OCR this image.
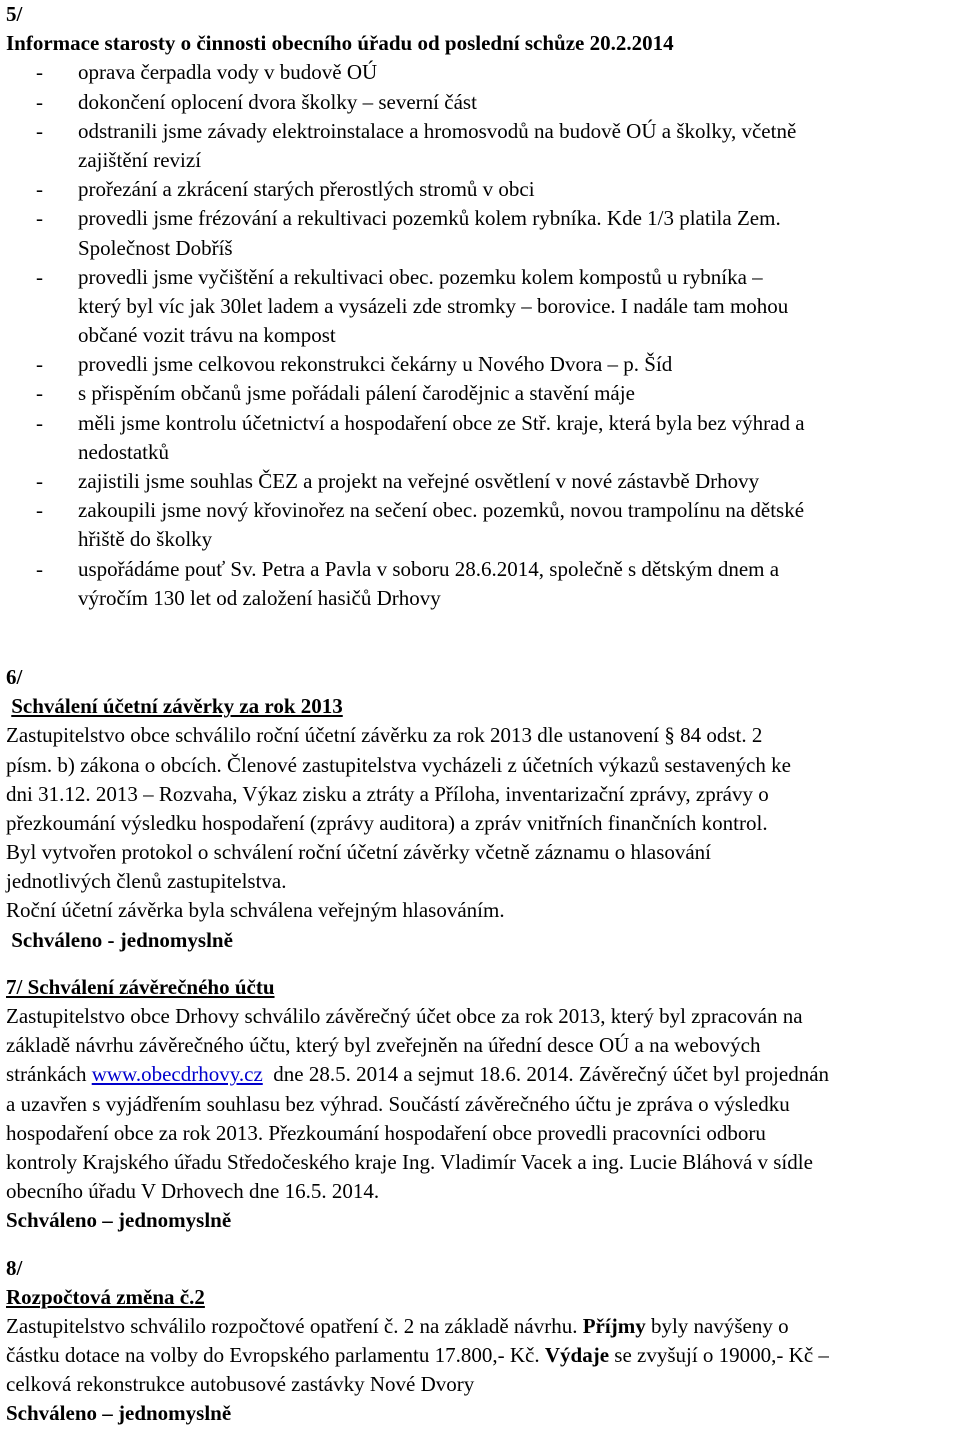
5/
Informace starosty o činnosti obecního úřadu od poslední schůze 20.2.2014
- oprava čerpadla vody v budově OÚ
- dokončení oplocení dvora školky – severní část
- odstranili jsme závady elektroinstalace a hromosvodů na budově OÚ a školky, včetně
zajištění revizí
- prořezání a zkrácení starých přerostlých stromů v obci
- provedli jsme frézování a rekultivaci pozemků kolem rybníka. Kde 1/3 platila Zem.
Společnost Dobříš
- provedli jsme vyčištění a rekultivaci obec. pozemku kolem kompostů u rybníka –
který byl víc jak 30let ladem a vysázeli zde stromky – borovice. I nadále tam mohou
občané vozit trávu na kompost
- provedli jsme celkovou rekonstrukci čekárny u Nového Dvora – p. Šíd
- s přispěním občanů jsme pořádali pálení čarodějnic a stavění máje
- měli jsme kontrolu účetnictví a hospodaření obce ze Stř. kraje, která byla bez výhrad a
nedostatků
- zajistili jsme souhlas ČEZ a projekt na veřejné osvětlení v nové zástavbě Drhovy
- zakoupili jsme nový křovinořez na sečení obec. pozemků, novou trampolínu na dětské
hřiště do školky
- uspořádáme pouť Sv. Petra a Pavla v soboru 28.6.2014, společně s dětským dnem a
výročím 130 let od založení hasičů Drhovy
6/
Schválení účetní závěrky za rok 2013
Zastupitelstvo obce schválilo roční účetní závěrku za rok 2013 dle ustanovení § 84 odst. 2
písm. b) zákona o obcích. Členové zastupitelstva vycházeli z účetních výkazů sestavených ke
dni 31.12. 2013 – Rozvaha, Výkaz zisku a ztráty a Příloha, inventarizační zprávy, zprávy o
přezkoumání výsledku hospodaření (zprávy auditora) a zpráv vnitřních finančních kontrol.
Byl vytvořen protokol o schválení roční účetní závěrky včetně záznamu o hlasování
jednotlivých členů zastupitelstva.
Roční účetní závěrka byla schválena veřejným hlasováním.
Schváleno - jednomyslně
7/ Schválení závěrečného účtu
Zastupitelstvo obce Drhovy schválilo závěrečný účet obce za rok 2013, který byl zpracován na
základě návrhu závěrečného účtu, který byl zveřejněn na úřední desce OÚ a na webových
stránkách www.obecdrhovy.cz  dne 28.5. 2014 a sejmut 18.6. 2014. Závěrečný účet byl projednán
a uzavřen s vyjádřením souhlasu bez výhrad. Součástí závěrečného účtu je zpráva o výsledku
hospodaření obce za rok 2013. Přezkoumání hospodaření obce provedli pracovníci odboru
kontroly Krajského úřadu Středočeského kraje Ing. Vladimír Vacek a ing. Lucie Bláhová v sídle
obecního úřadu V Drhovech dne 16.5. 2014.
Schváleno – jednomyslně
8/
Rozpočtová změna č.2
Zastupitelstvo schválilo rozpočtové opatření č. 2 na základě návrhu. Příjmy byly navýšeny o
částku dotace na volby do Evropského parlamentu 17.800,- Kč. Výdaje se zvyšují o 19000,- Kč –
celková rekonstrukce autobusové zastávky Nové Dvory
Schváleno – jednomyslně
